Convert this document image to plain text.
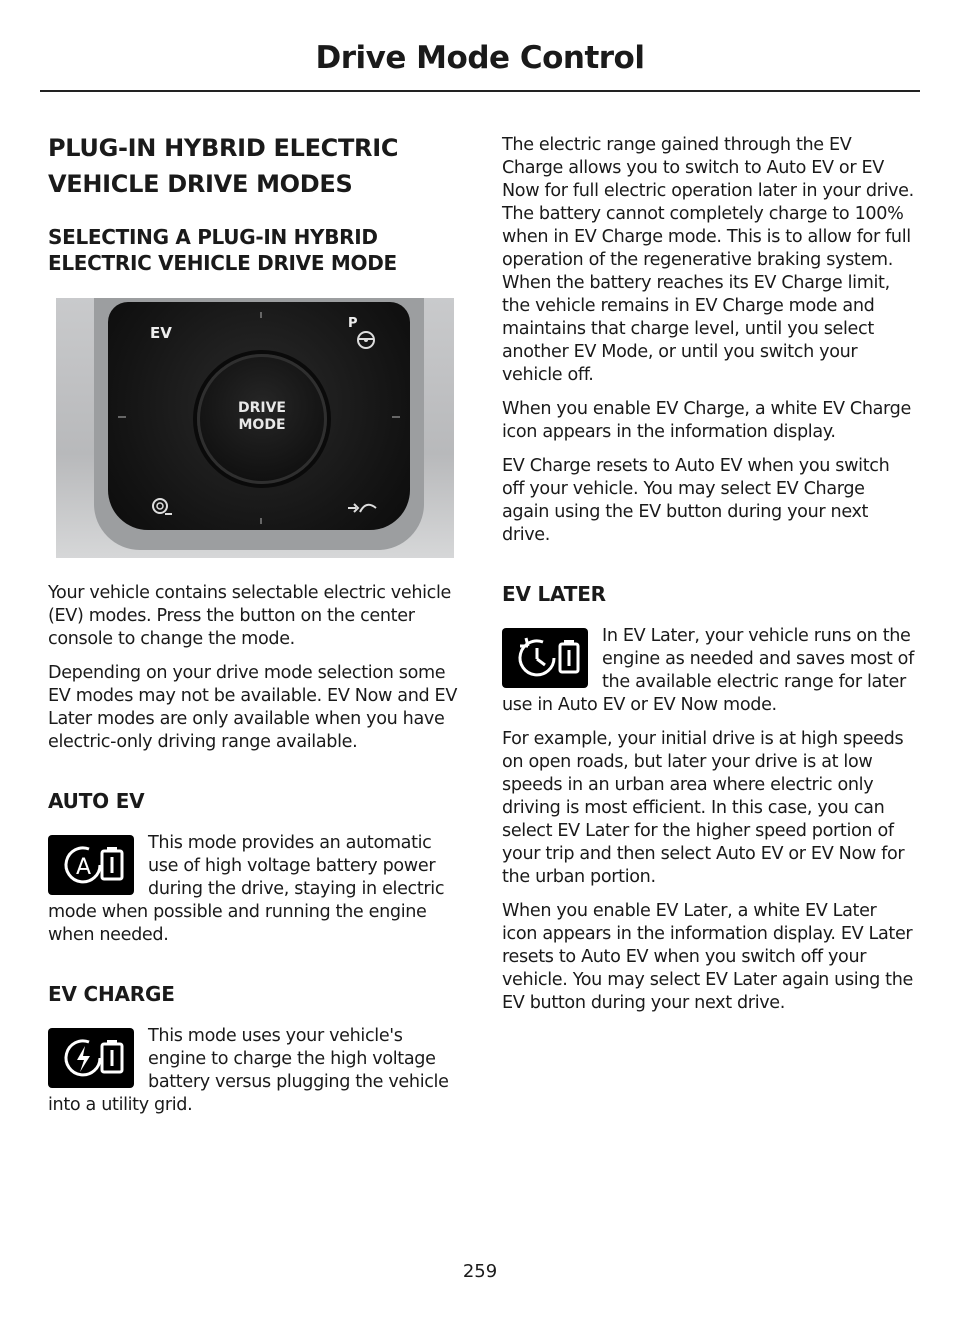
Drive Mode Control
PLUG-IN HYBRID ELECTRIC
VEHICLE DRIVE MODES
SELECTING A PLUG-IN HYBRID ELECTRIC VEHICLE DRIVE MODE
DRIVE
MODE
EV
P

Your vehicle contains selectable electric vehicle (EV) modes. Press the button on the center console to change the mode.

Depending on your drive mode selection some EV modes may not be available. EV Now and EV Later modes are only available when you have electric-only driving range available.

AUTO EV
A

This mode provides an automatic use of high voltage battery power during the drive, staying in electric mode when possible and running the engine when needed.

EV CHARGE

This mode uses your vehicle's engine to charge the high voltage battery versus plugging the vehicle into a utility grid.

The electric range gained through the EV Charge allows you to switch to Auto EV or EV Now for full electric operation later in your drive. The battery cannot completely charge to 100% when in EV Charge mode. This is to allow for full operation of the regenerative braking system. When the battery reaches its EV Charge limit, the vehicle remains in EV Charge mode and maintains that charge level, until you select another EV Mode, or until you switch your vehicle off.

When you enable EV Charge, a white EV Charge icon appears in the information display.

EV Charge resets to Auto EV when you switch off your vehicle. You may select EV Charge again using the EV button during your next drive.

EV LATER

In EV Later, your vehicle runs on the engine as needed and saves most of the available electric range for later use in Auto EV or EV Now mode.

For example, your initial drive is at high speeds on open roads, but later your drive is at low speeds in an urban area where electric only driving is most efficient. In this case, you can select EV Later for the higher speed portion of your trip and then select Auto EV or EV Now for the urban portion.

When you enable EV Later, a white EV Later icon appears in the information display. EV Later resets to Auto EV when you switch off your vehicle. You may select EV Later again using the EV button during your next drive.

259
